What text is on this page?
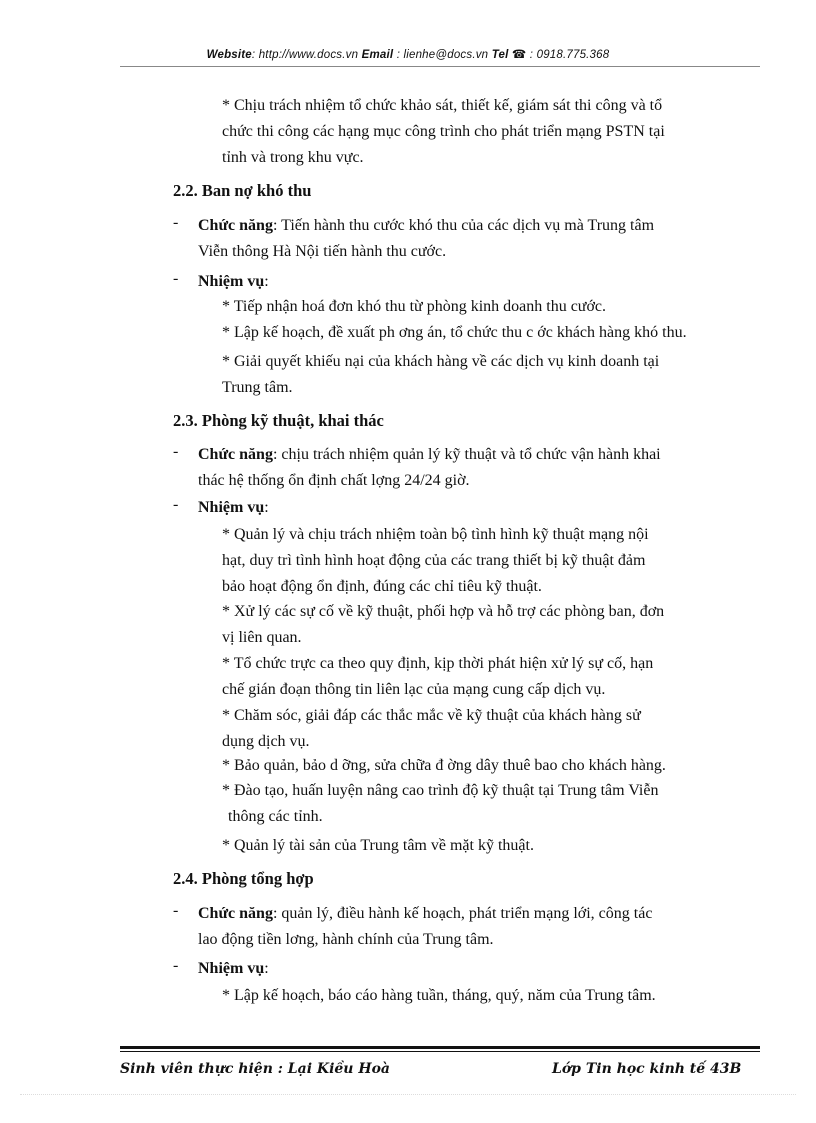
Website: http://www.docs.vn Email : lienhe@docs.vn Tel ☎ : 0918.775.368
* Chịu trách nhiệm tổ chức khảo sát, thiết kế, giám sát thi công và tổ
chức thi công các hạng mục công trình cho phát triển mạng PSTN tại
tỉnh và trong khu vực.
2.2. Ban nợ khó thu
- Chức năng: Tiến hành thu cước khó thu của các dịch vụ mà Trung tâm
Viễn thông Hà Nội tiến hành thu cước.
- Nhiệm vụ:
* Tiếp nhận hoá đơn khó thu từ phòng kinh doanh thu cước.
* Lập kế hoạch, đề xuất ph ơng án, tổ chức thu c ớc khách hàng khó thu.
* Giải quyết khiếu nại của khách hàng về các dịch vụ kinh doanh tại
Trung tâm.
2.3. Phòng kỹ thuật, khai thác
- Chức năng: chịu trách nhiệm quản lý kỹ thuật và tổ chức vận hành khai
thác hệ thống ổn định chất lợng 24/24 giờ.
- Nhiệm vụ:
* Quản lý và chịu trách nhiệm toàn bộ tình hình kỹ thuật mạng nội
hạt, duy trì tình hình hoạt động của các trang thiết bị kỹ thuật đảm
bảo hoạt động ổn định, đúng các chỉ tiêu kỹ thuật.
* Xử lý các sự cố về kỹ thuật, phối hợp và hỗ trợ các phòng ban, đơn
vị liên quan.
* Tổ chức trực ca theo quy định, kịp thời phát hiện xử lý sự cố, hạn
chế gián đoạn thông tin liên lạc của mạng cung cấp dịch vụ.
* Chăm sóc, giải đáp các thắc mắc về kỹ thuật của khách hàng sử
dụng dịch vụ.
* Bảo quản, bảo d ỡng, sửa chữa đ ờng dây thuê bao cho khách hàng.
* Đào tạo, huấn luyện nâng cao trình độ kỹ thuật tại Trung tâm Viễn
thông các tỉnh.
* Quản lý tài sản của Trung tâm về mặt kỹ thuật.
2.4. Phòng tổng hợp
- Chức năng: quản lý, điều hành kế hoạch, phát triển mạng lới, công tác
lao động tiền lơng, hành chính của Trung tâm.
- Nhiệm vụ:
* Lập kế hoạch, báo cáo hàng tuần, tháng, quý, năm của Trung tâm.
Sinh viên thực hiện : Lại Kiều Hoà	Lớp Tin học kinh tế 43B
